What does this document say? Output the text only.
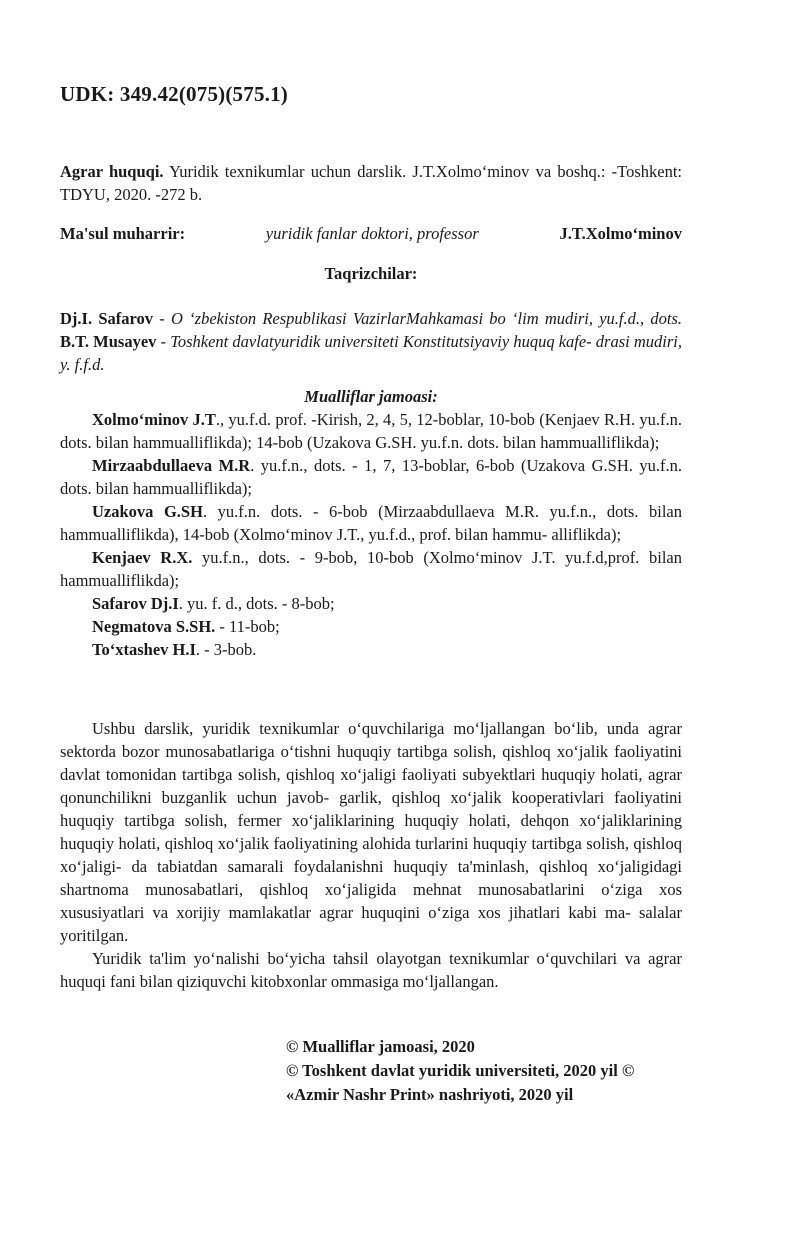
UDK: 349.42(075)(575.1)
Agrar huquqi. Yuridik texnikumlar uchun darslik. J.T.Xolmo‘minov va boshq.: -Toshkent: TDYU, 2020. -272 b.
Ma'sul muharrir:	yuridik fanlar doktori, professor	J.T.Xolmo‘minov
Taqrizchilar:
Dj.I. Safarov - O ‘zbekiston Respublikasi VazirlarMahkamasi bo ‘lim mudiri, yu.f.d., dots. B.T. Musayev - Toshkent davlatyuridik universiteti Konstitutsiyaviy huquq kafe- drasi mudiri, y. f.f.d.
Mualliflar jamoasi:

Xolmo‘minov J.T., yu.f.d. prof. -Kirish, 2, 4, 5, 12-boblar, 10-bob (Kenjaev R.H. yu.f.n. dots. bilan hammualliflikda); 14-bob (Uzakova G.SH. yu.f.n. dots. bilan hammualliflikda);

Mirzaabdullaeva M.R. yu.f.n., dots. - 1, 7, 13-boblar, 6-bob (Uzakova G.SH. yu.f.n. dots. bilan hammualliflikda);

Uzakova G.SH. yu.f.n. dots. - 6-bob (Mirzaabdullaeva M.R. yu.f.n., dots. bilan hammualliflikda), 14-bob (Xolmo‘minov J.T., yu.f.d., prof. bilan hammu- alliflikda);

Kenjaev R.X. yu.f.n., dots. - 9-bob, 10-bob (Xolmo‘minov J.T. yu.f.d,prof. bilan hammualliflikda);

Safarov Dj.I. yu. f. d., dots. - 8-bob;

Negmatova S.SH. - 11-bob;

To‘xtashev H.I. - 3-bob.

Ushbu darslik, yuridik texnikumlar o‘quvchilariga mo‘ljallangan bo‘lib, unda agrar sektorda bozor munosabatlariga o‘tishni huquqiy tartibga solish, qishloq xo‘jalik faoliyatini davlat tomonidan tartibga solish, qishloq xo‘jaligi faoliyati subyektlari huquqiy holati, agrar qonunchilikni buzganlik uchun javob- garlik, qishloq xo‘jalik kooperativlari faoliyatini huquqiy tartibga solish, fermer xo‘jaliklarining huquqiy holati, dehqon xo‘jaliklarining huquqiy holati, qishloq xo‘jalik faoliyatining alohida turlarini huquqiy tartibga solish, qishloq xo‘jaligi- da tabiatdan samarali foydalanishni huquqiy ta'minlash, qishloq xo‘jaligidagi shartnoma munosabatlari, qishloq xo‘jaligida mehnat munosabatlarini o‘ziga xos xususiyatlari va xorijiy mamlakatlar agrar huquqini o‘ziga xos jihatlari kabi ma- salalar yoritilgan.

Yuridik ta'lim yo‘nalishi bo‘yicha tahsil olayotgan texnikumlar o‘quvchilari va agrar huquqi fani bilan qiziquvchi kitobxonlar ommasiga mo‘ljallangan.

© Mualliflar jamoasi, 2020
© Toshkent davlat yuridik universiteti, 2020 yil ©
«Azmir Nashr Print» nashriyoti, 2020 yil
